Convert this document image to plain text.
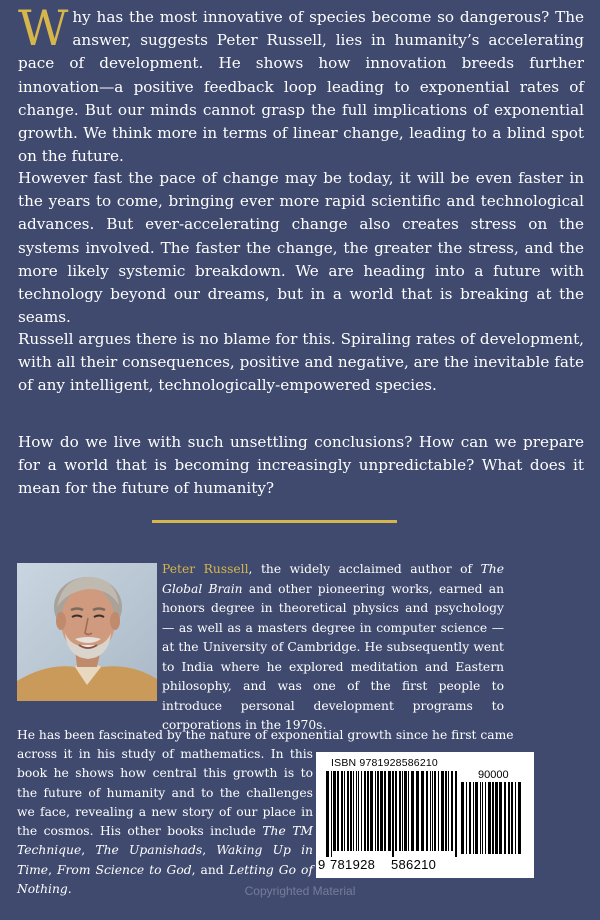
Why has the most innovative of species become so dangerous? The answer, suggests Peter Russell, lies in humanity’s accelerating pace of development. He shows how innovation breeds further innovation—a positive feedback loop leading to exponential rates of change. But our minds cannot grasp the full implications of exponential growth. We think more in terms of linear change, leading to a blind spot on the future.

However fast the pace of change may be today, it will be even faster in the years to come, bringing ever more rapid scientific and technological advances. But ever-accelerating change also creates stress on the systems involved. The faster the change, the greater the stress, and the more likely systemic breakdown. We are heading into a future with technology beyond our dreams, but in a world that is breaking at the seams.

Russell argues there is no blame for this. Spiraling rates of development, with all their consequences, positive and negative, are the inevitable fate of any intelligent, technologically-empowered species.

How do we live with such unsettling conclusions? How can we prepare for a world that is becoming increasingly unpredictable? What does it mean for the future of humanity?

Peter Russell, the widely acclaimed author of The Global Brain and other pioneering works, earned an honors degree in theoretical physics and psychology — as well as a masters degree in computer science — at the University of Cambridge. He subsequently went to India where he explored meditation and Eastern philosophy, and was one of the first people to introduce personal development programs to corporations in the 1970s.

He has been fascinated by the nature of exponential growth since he first came

across it in his study of mathematics. In this book he shows how central this growth is to the future of humanity and to the challenges we face, revealing a new story of our place in the cosmos. His other books include The TM Technique, The Upanishads, Waking Up in Time, From Science to God, and Letting Go of Nothing.

ISBN 9781928586210
90000
9 781928 586210
Copyrighted Material
